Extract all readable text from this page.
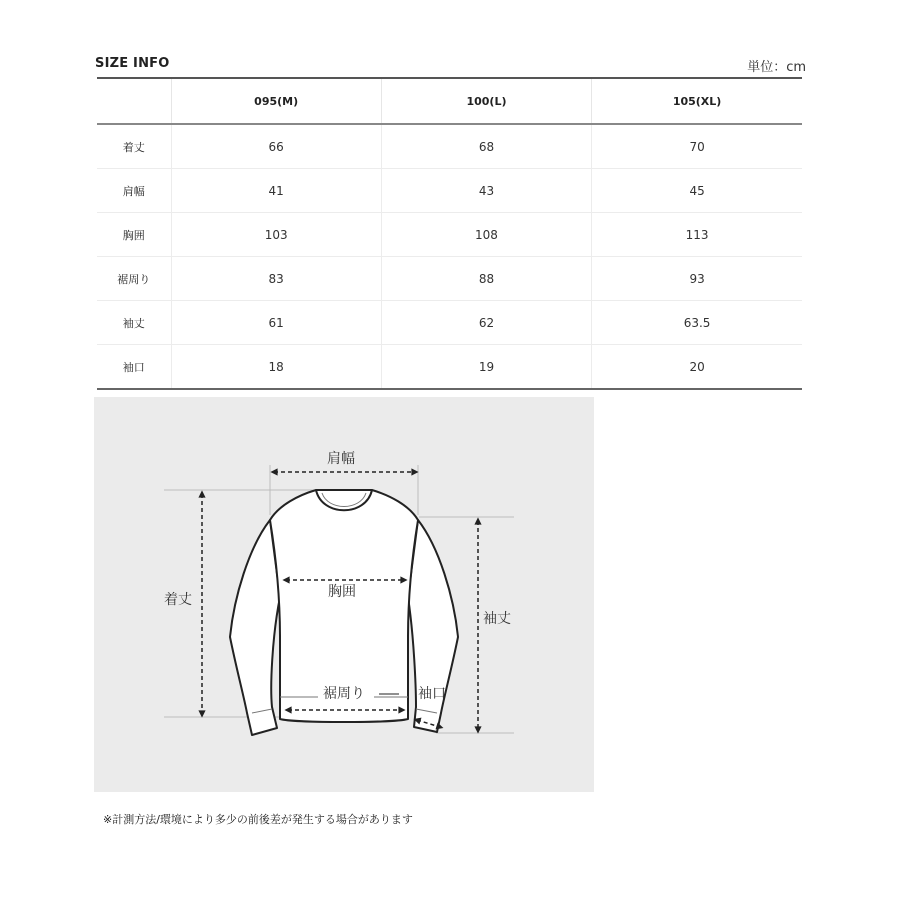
SIZE INFO	単位：cm
	095(M)	100(L)	105(XL)
着丈	66	68	70
肩幅	41	43	45
胸囲	103	108	113
裾周り	83	88	93
袖丈	61	62	63.5
袖口	18	19	20
肩幅
着丈	胸囲
袖丈
裾周り	袖口
※計測方法/環境により多少の前後差が発生する場合があります
